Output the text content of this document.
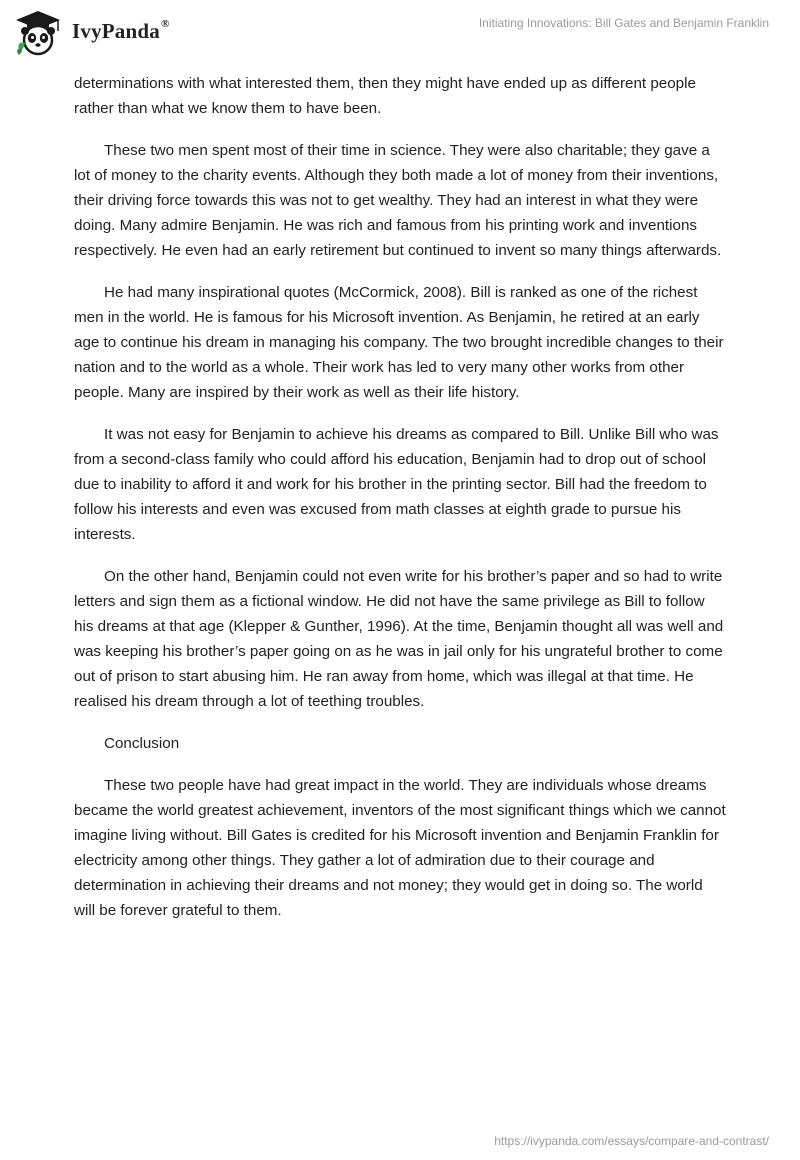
IvyPanda®	Initiating Innovations: Bill Gates and Benjamin Franklin

determinations with what interested them, then they might have ended up as different people rather than what we know them to have been.

These two men spent most of their time in science. They were also charitable; they gave a lot of money to the charity events. Although they both made a lot of money from their inventions, their driving force towards this was not to get wealthy. They had an interest in what they were doing. Many admire Benjamin. He was rich and famous from his printing work and inventions respectively. He even had an early retirement but continued to invent so many things afterwards.

He had many inspirational quotes (McCormick, 2008). Bill is ranked as one of the richest men in the world. He is famous for his Microsoft invention. As Benjamin, he retired at an early age to continue his dream in managing his company. The two brought incredible changes to their nation and to the world as a whole. Their work has led to very many other works from other people. Many are inspired by their work as well as their life history.

It was not easy for Benjamin to achieve his dreams as compared to Bill. Unlike Bill who was from a second-class family who could afford his education, Benjamin had to drop out of school due to inability to afford it and work for his brother in the printing sector. Bill had the freedom to follow his interests and even was excused from math classes at eighth grade to pursue his interests.

On the other hand, Benjamin could not even write for his brother’s paper and so had to write letters and sign them as a fictional window. He did not have the same privilege as Bill to follow his dreams at that age (Klepper & Gunther, 1996). At the time, Benjamin thought all was well and was keeping his brother’s paper going on as he was in jail only for his ungrateful brother to come out of prison to start abusing him. He ran away from home, which was illegal at that time. He realised his dream through a lot of teething troubles.

Conclusion

These two people have had great impact in the world. They are individuals whose dreams became the world greatest achievement, inventors of the most significant things which we cannot imagine living without. Bill Gates is credited for his Microsoft invention and Benjamin Franklin for electricity among other things. They gather a lot of admiration due to their courage and determination in achieving their dreams and not money; they would get in doing so. The world will be forever grateful to them.

https://ivypanda.com/essays/compare-and-contrast/
